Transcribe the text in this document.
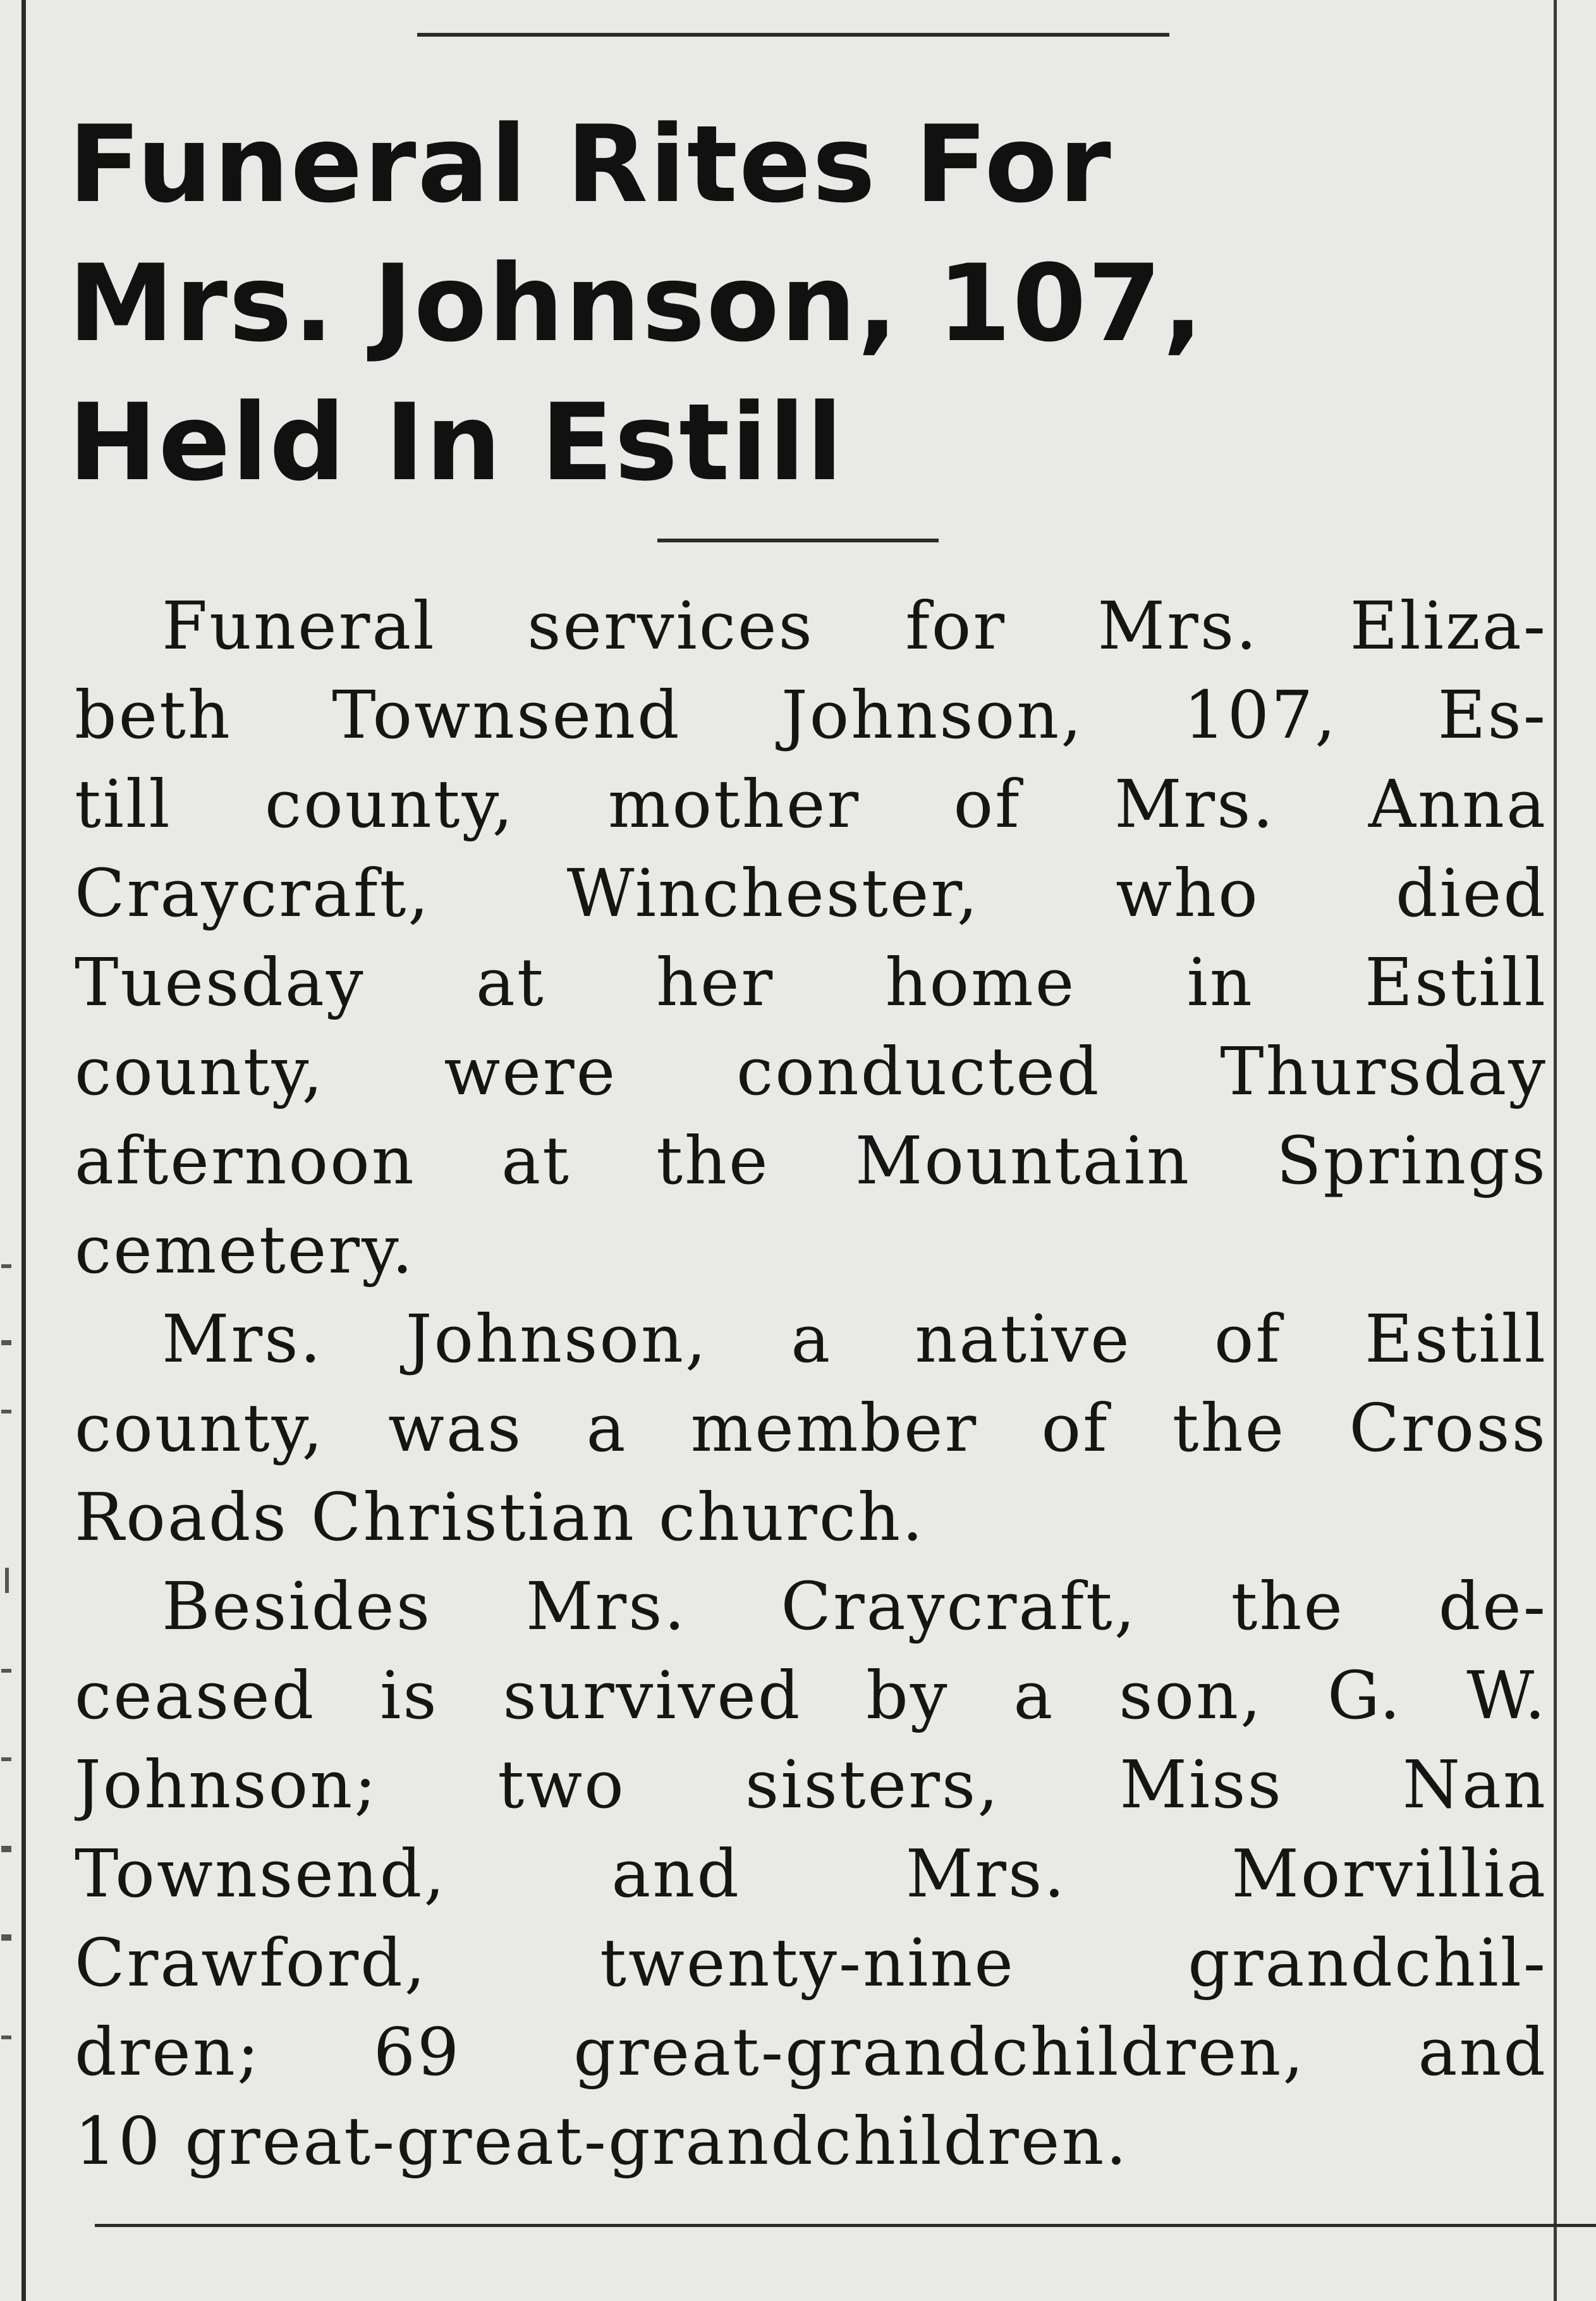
Funeral Rites For
Mrs. Johnson, 107,
Held In Estill
Funeral services for Mrs. Eliza-
beth Townsend Johnson, 107, Es-
till county, mother of Mrs. Anna
Craycraft, Winchester, who died
Tuesday at her home in Estill
county, were conducted Thursday
afternoon at the Mountain Springs
cemetery.
Mrs. Johnson, a native of Estill
county, was a member of the Cross
Roads Christian church.
Besides Mrs. Craycraft, the de-
ceased is survived by a son, G. W.
Johnson; two sisters, Miss Nan
Townsend, and Mrs. Morvillia
Crawford, twenty-nine grandchil-
dren; 69 great-grandchildren, and
10 great-great-grandchildren.
